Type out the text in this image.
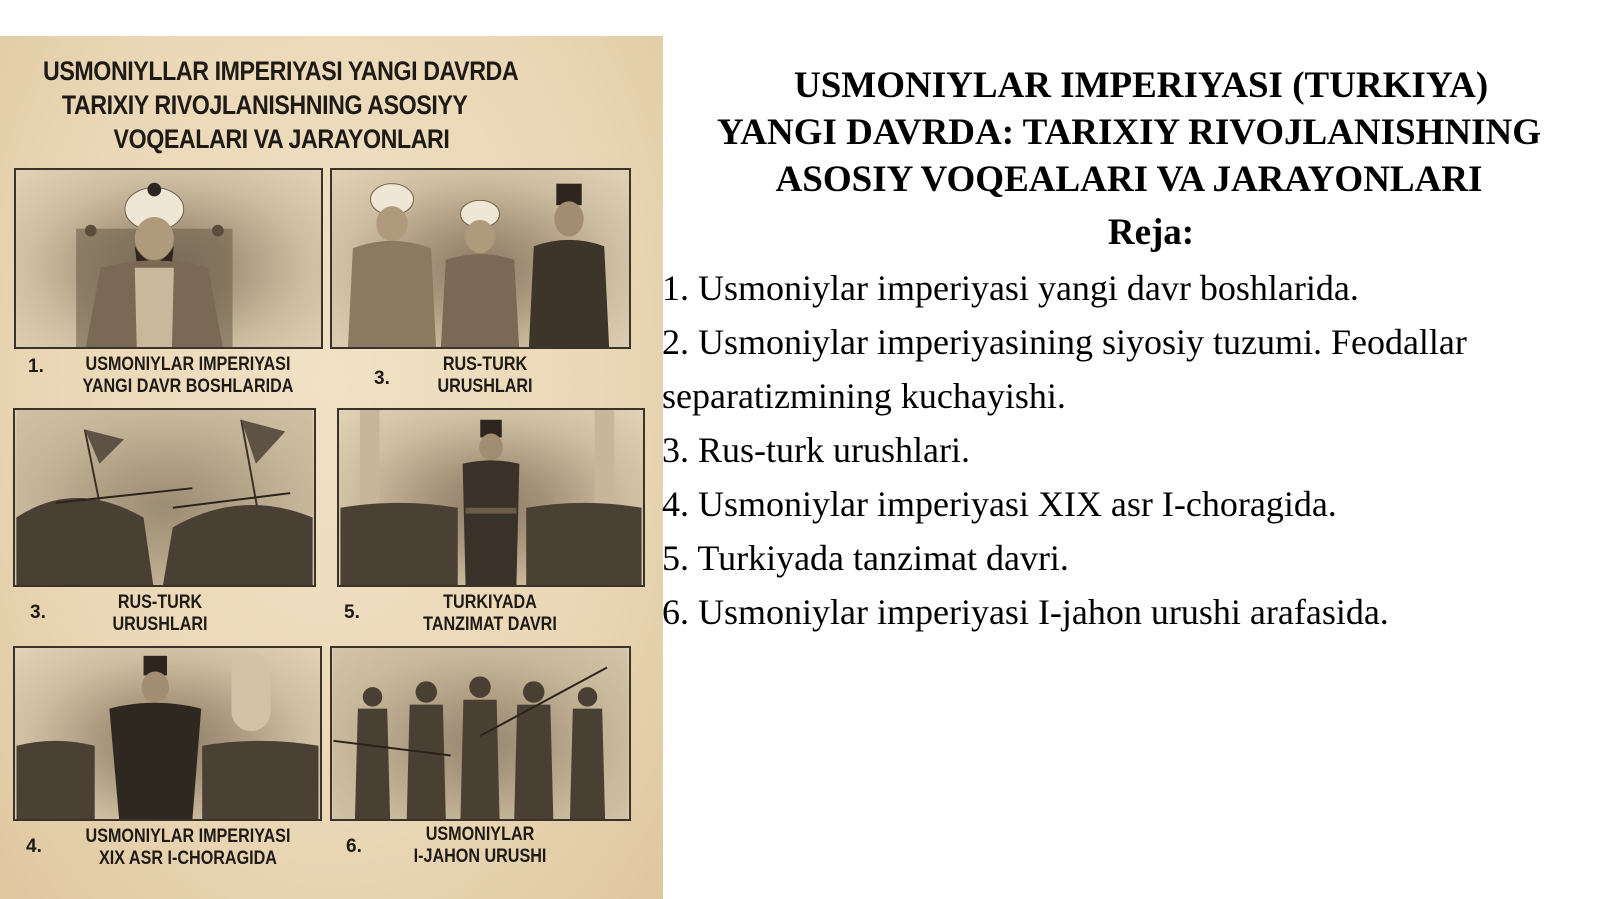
USMONIYLLAR IMPERIYASI YANGI DAVRDA
TARIXIY RIVOJLANISHNING ASOSIYY
VOQEALARI VA JARAYONLARI
1.	USMONIYLAR IMPERIYASI
YANGI DAVR BOSHLARIDA	3.
RUS-TURK
URUSHLARI
3.	RUS-TURK
URUSHLARI
5.	TURKIYADA
TANZIMAT DAVRI
4.	USMONIYLAR IMPERIYASI
XIX ASR I-CHORAGIDA
6.
USMONIYLAR
I-JAHON URUSHI
USMONIYLAR IMPERIYASI (TURKIYA)
YANGI DAVRDA: TARIXIY RIVOJLANISHNING
ASOSIY VOQEALARI VA JARAYONLARI
Reja:
1. Usmoniylar imperiyasi yangi davr boshlarida.
2. Usmoniylar imperiyasining siyosiy tuzumi. Feodallar separatizmining kuchayishi.
3. Rus-turk urushlari.
4. Usmoniylar imperiyasi XIX asr I-choragida.
5. Turkiyada tanzimat davri.
6. Usmoniylar imperiyasi I-jahon urushi arafasida.
